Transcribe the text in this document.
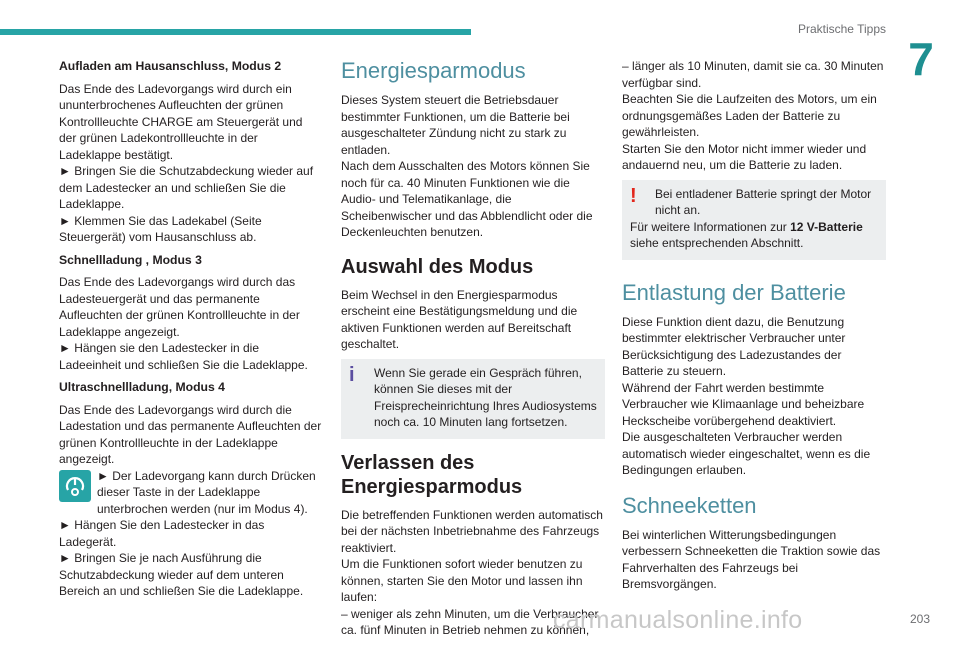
Praktische Tipps
7
Aufladen am Hausanschluss, Modus 2

Das Ende des Ladevorgangs wird durch ein ununterbrochenes Aufleuchten der grünen Kontrollleuchte CHARGE am Steuergerät und der grünen Ladekontrollleuchte in der Ladeklappe bestätigt.
► Bringen Sie die Schutzabdeckung wieder auf dem Ladestecker an und schließen Sie die Ladeklappe.
► Klemmen Sie das Ladekabel (Seite Steuergerät) vom Hausanschluss ab.

Schnellladung , Modus 3

Das Ende des Ladevorgangs wird durch das Ladesteuergerät und das permanente Aufleuchten der grünen Kontrollleuchte in der Ladeklappe angezeigt.
► Hängen sie den Ladestecker in die Ladeeinheit und schließen Sie die Ladeklappe.

Ultraschnellladung, Modus 4

Das Ende des Ladevorgangs wird durch die Ladestation und das permanente Aufleuchten der grünen Kontrollleuchte in der Ladeklappe angezeigt.

► Der Ladevorgang kann durch Drücken dieser Taste in der Ladeklappe unterbrochen werden (nur im Modus 4).
► Hängen Sie den Ladestecker in das Ladegerät.
► Bringen Sie je nach Ausführung die Schutzabdeckung wieder auf dem unteren Bereich an und schließen Sie die Ladeklappe.

Energiesparmodus

Dieses System steuert die Betriebsdauer bestimmter Funktionen, um die Batterie bei ausgeschalteter Zündung nicht zu stark zu entladen.
Nach dem Ausschalten des Motors können Sie noch für ca. 40 Minuten Funktionen wie die Audio- und Telematikanlage, die Scheibenwischer und das Abblendlicht oder die Deckenleuchten benutzen.

Auswahl des Modus

Beim Wechsel in den Energiesparmodus erscheint eine Bestätigungsmeldung und die aktiven Funktionen werden auf Bereitschaft geschaltet.

i	Wenn Sie gerade ein Gespräch führen, können Sie dieses mit der Freisprecheinrichtung Ihres Audiosystems noch ca. 10 Minuten lang fortsetzen.
Verlassen des Energiesparmodus

Die betreffenden Funktionen werden automatisch bei der nächsten Inbetriebnahme des Fahrzeugs reaktiviert.
Um die Funktionen sofort wieder benutzen zu können, starten Sie den Motor und lassen ihn laufen:
– weniger als zehn Minuten, um die Verbraucher ca. fünf Minuten in Betrieb nehmen zu können,

– länger als 10 Minuten, damit sie ca. 30 Minuten verfügbar sind.
Beachten Sie die Laufzeiten des Motors, um ein ordnungsgemäßes Laden der Batterie zu gewährleisten.
Starten Sie den Motor nicht immer wieder und andauernd neu, um die Batterie zu laden.

!	Bei entladener Batterie springt der Motor nicht an.
Für weitere Informationen zur 12 V-Batterie siehe entsprechenden Abschnitt.
Entlastung der Batterie

Diese Funktion dient dazu, die Benutzung bestimmter elektrischer Verbraucher unter Berücksichtigung des Ladezustandes der Batterie zu steuern.
Während der Fahrt werden bestimmte Verbraucher wie Klimaanlage und beheizbare Heckscheibe vorübergehend deaktiviert.
Die ausgeschalteten Verbraucher werden automatisch wieder eingeschaltet, wenn es die Bedingungen erlauben.

Schneeketten

Bei winterlichen Witterungsbedingungen verbessern Schneeketten die Traktion sowie das Fahrverhalten des Fahrzeugs bei Bremsvorgängen.

carmanualsonline.info	203
